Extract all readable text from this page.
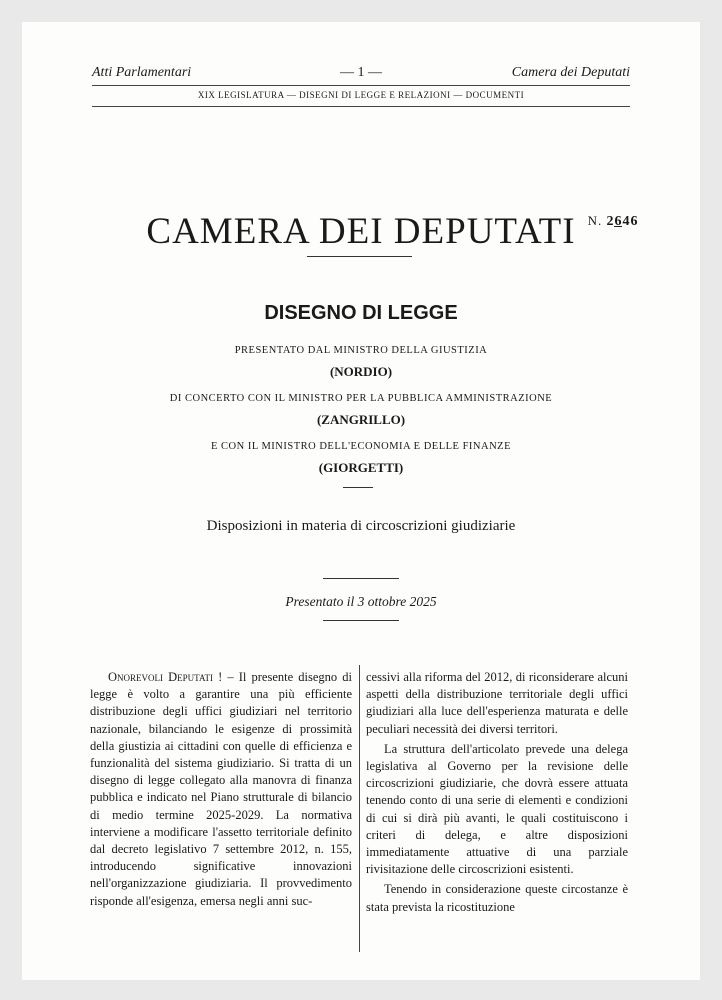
Atti Parlamentari	— 1 —	Camera dei Deputati
XIX LEGISLATURA — DISEGNI DI LEGGE E RELAZIONI — DOCUMENTI
CAMERA DEI DEPUTATI N. 2646
DISEGNO DI LEGGE
PRESENTATO DAL MINISTRO DELLA GIUSTIZIA
(NORDIO)
DI CONCERTO CON IL MINISTRO PER LA PUBBLICA AMMINISTRAZIONE
(ZANGRILLO)
E CON IL MINISTRO DELL'ECONOMIA E DELLE FINANZE
(GIORGETTI)
Disposizioni in materia di circoscrizioni giudiziarie
Presentato il 3 ottobre 2025

Onorevoli Deputati ! – Il presente disegno di legge è volto a garantire una più efficiente distribuzione degli uffici giudiziari nel territorio nazionale, bilanciando le esigenze di prossimità della giustizia ai cittadini con quelle di efficienza e funzionalità del sistema giudiziario. Si tratta di un disegno di legge collegato alla manovra di finanza pubblica e indicato nel Piano strutturale di bilancio di medio termine 2025-2029. La normativa interviene a modificare l'assetto territoriale definito dal decreto legislativo 7 settembre 2012, n. 155, introducendo significative innovazioni nell'organizzazione giudiziaria. Il provvedimento risponde all'esigenza, emersa negli anni suc-

cessivi alla riforma del 2012, di riconsiderare alcuni aspetti della distribuzione territoriale degli uffici giudiziari alla luce dell'esperienza maturata e delle peculiari necessità dei diversi territori.

La struttura dell'articolato prevede una delega legislativa al Governo per la revisione delle circoscrizioni giudiziarie, che dovrà essere attuata tenendo conto di una serie di elementi e condizioni di cui si dirà più avanti, le quali costituiscono i criteri di delega, e altre disposizioni immediatamente attuative di una parziale rivisitazione delle circoscrizioni esistenti.

Tenendo in considerazione queste circostanze è stata prevista la ricostituzione
